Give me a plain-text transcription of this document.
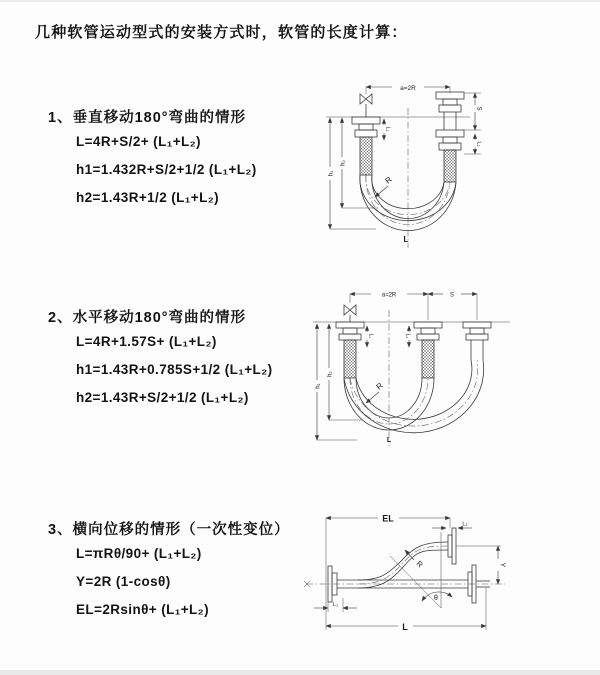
几种软管运动型式的安装方式时，软管的长度计算：
1、垂直移动180°弯曲的情形
L=4R+S/2+ (L₁+L₂)
h1=1.432R+S/2+1/2 (L₁+L₂)
h2=1.43R+1/2 (L₁+L₂)
a=2R
S
L₂
L₁
h₁
h₂
R
L
2、水平移动180°弯曲的情形
L=4R+1.57S+ (L₁+L₂)
h1=1.43R+0.785S+1/2 (L₁+L₂)
h2=1.43R+S/2+1/2 (L₁+L₂)
a=2R	S
h₁
h₂
L₁	L₂
R
L
3、横向位移的情形（一次性变位）
L=πRθ/90+ (L₁+L₂)
Y=2R (1-cosθ)
EL=2Rsinθ+ (L₁+L₂)
EL
L₂
Y
θ
R
L
L₁
